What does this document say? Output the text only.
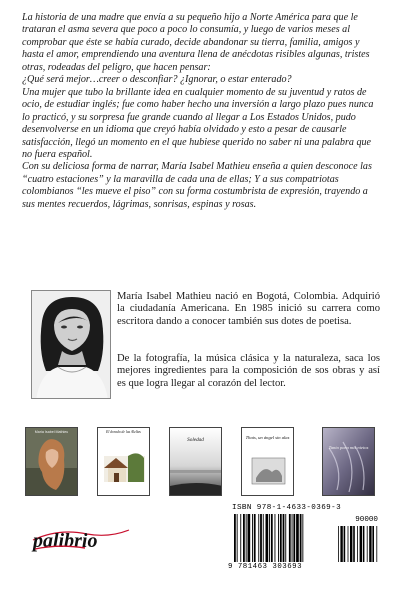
La historia de una madre que envía a su pequeño hijo a Norte América para que le trataran el asma severa que poco a poco lo consumía, y luego de varios meses al comprobar que éste se había curado, decide abandonar su tierra, familia, amigos y hasta el amor, emprendiendo una aventura llena de anécdotas risibles algunas, tristes otras, rodeadas del peligro, que hacen pensar:

¿Qué será mejor…creer o desconfiar? ¿Ignorar, o estar enterado?

Una mujer que tubo la brillante idea en cualquier momento de su juventud y ratos de ocio, de estudiar inglés; fue como haber hecho una inversión a largo plazo pues nunca lo practicó, y su sorpresa fue grande cuando al llegar a Los Estados Unidos, pudo desenvolverse en un idioma que creyó había olvidado y esto a pesar de causarle satisfacción, llegó un momento en el que hubiese querido no saber ni una palabra que no fuera español.

Con su deliciosa forma de narrar, María Isabel Mathieu enseña a quien desconoce las “cuatro estaciones” y la maravilla de cada una de ellas; Y a sus compatriotas colombianos “les mueve el piso” con su forma costumbrista de expresión, trayendo a sus mentes recuerdos, lágrimas, sonrisas, espinas y rosas.

María Isabel Mathieu nació en Bogotá, Colombia. Adquirió la ciudadanía Americana. En 1985 inició su carrera como escritora dando a conocer también sus dotes de poetisa.
De la fotografía, la música clásica y la naturaleza, saca los mejores ingredientes para la composición de sos obras y así es que logra llegar al corazón del lector.
María Isabel Mathieu	El dorado de las Alelías
Soledad	Thais, un ángel sin alas
Tanto para mis nietos
palibrio
ISBN 978-1-4633-0369-3
90000
9 781463 303693
